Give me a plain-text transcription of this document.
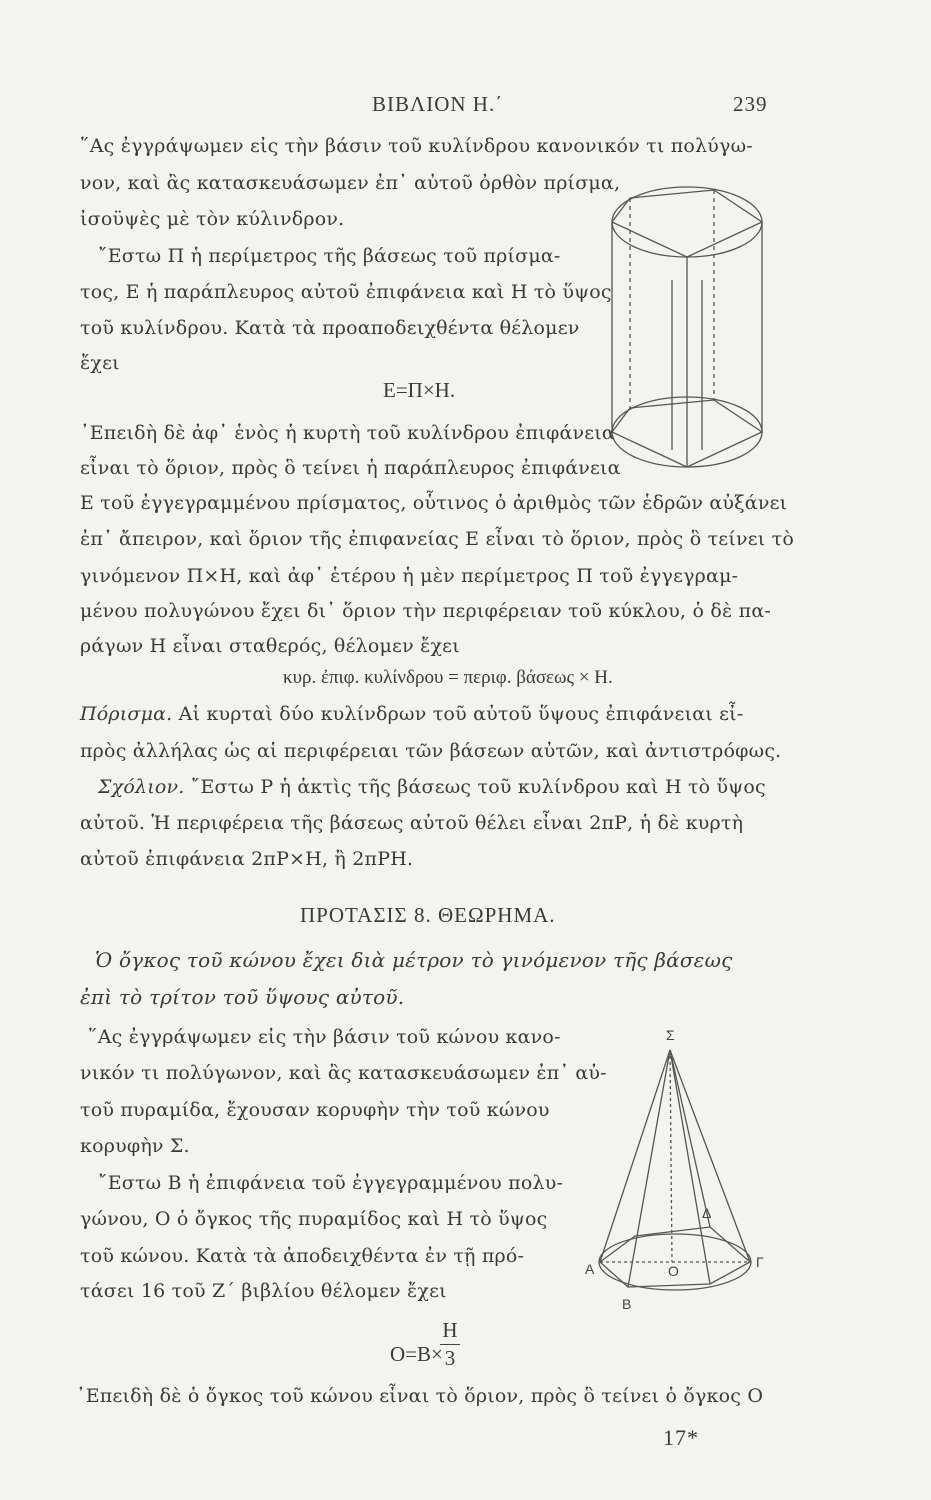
ΒΙΒΛΙΟΝ Η.΄	239
῞Ας ἐγγράψωμεν εἰς τὴν βάσιν τοῦ κυλίνδρου κανονικόν τι πολύγω-
νον, καὶ ἂς κατασκευάσωμεν ἐπ᾽ αὐτοῦ ὀρθὸν πρίσμα,
ἰσοϋψὲς μὲ τὸν κύλινδρον.
῎Εστω Π ἡ περίμετρος τῆς βάσεως τοῦ πρίσμα-
τος, Ε ἡ παράπλευρος αὐτοῦ ἐπιφάνεια καὶ Η τὸ ὕψος
τοῦ κυλίνδρου. Κατὰ τὰ προαποδειχθέντα θέλομεν
ἔχει
Ε=Π×Η.
᾿Επειδὴ δὲ ἀφ᾽ ἑνὸς ἡ κυρτὴ τοῦ κυλίνδρου ἐπιφάνεια
εἶναι τὸ ὅριον, πρὸς ὃ τείνει ἡ παράπλευρος ἐπιφάνεια
Ε τοῦ ἐγγεγραμμένου πρίσματος, οὗτινος ὁ ἀριθμὸς τῶν ἑδρῶν αὐξάνει
ἐπ᾽ ἄπειρον, καὶ ὅριον τῆς ἐπιφανείας Ε εἶναι τὸ ὅριον, πρὸς ὃ τείνει τὸ
γινόμενον Π×Η, καὶ ἀφ᾽ ἑτέρου ἡ μὲν περίμετρος Π τοῦ ἐγγεγραμ-
μένου πολυγώνου ἔχει δι᾽ ὅριον τὴν περιφέρειαν τοῦ κύκλου, ὁ δὲ πα-
ράγων Η εἶναι σταθερός, θέλομεν ἔχει
κυρ. ἐπιφ. κυλίνδρου = περιφ. βάσεως × Η.
Πόρισμα. Αἱ κυρταὶ δύο κυλίνδρων τοῦ αὐτοῦ ὕψους ἐπιφάνειαι εἶ-
πρὸς ἀλλήλας ὡς αἱ περιφέρειαι τῶν βάσεων αὐτῶν, καὶ ἀντιστρόφως.
Σχόλιον. ῎Εστω Ρ ἡ ἀκτὶς τῆς βάσεως τοῦ κυλίνδρου καὶ Η τὸ ὕψος
αὐτοῦ. Ἡ περιφέρεια τῆς βάσεως αὐτοῦ θέλει εἶναι 2πΡ, ἡ δὲ κυρτὴ
αὐτοῦ ἐπιφάνεια 2πΡ×Η, ἢ 2πΡΗ.
ΠΡΟΤΑΣΙΣ 8. ΘΕΩΡΗΜΑ.
Ὁ ὄγκος τοῦ κώνου ἔχει διὰ μέτρον τὸ γινόμενον τῆς βάσεως
ἐπὶ τὸ τρίτον τοῦ ὕψους αὐτοῦ.
῞Ας ἐγγράψωμεν εἰς τὴν βάσιν τοῦ κώνου κανο-
νικόν τι πολύγωνον, καὶ ἂς κατασκευάσωμεν ἐπ᾽ αὐ-
τοῦ πυραμίδα, ἔχουσαν κορυφὴν τὴν τοῦ κώνου
κορυφὴν Σ.
῎Εστω Β ἡ ἐπιφάνεια τοῦ ἐγγεγραμμένου πολυ-
γώνου, Ο ὁ ὄγκος τῆς πυραμίδος καὶ Η τὸ ὕψος
τοῦ κώνου. Κατὰ τὰ ἀποδειχθέντα ἐν τῇ πρό-
τάσει 16 τοῦ Ζ΄ βιβλίου θέλομεν ἔχει
Σ
Α
Β
Γ
Δ
Ο
Ο=Β×
Η
3
᾿Επειδὴ δὲ ὁ ὄγκος τοῦ κώνου εἶναι τὸ ὅριον, πρὸς ὃ τείνει ὁ ὄγκος Ο
17*
